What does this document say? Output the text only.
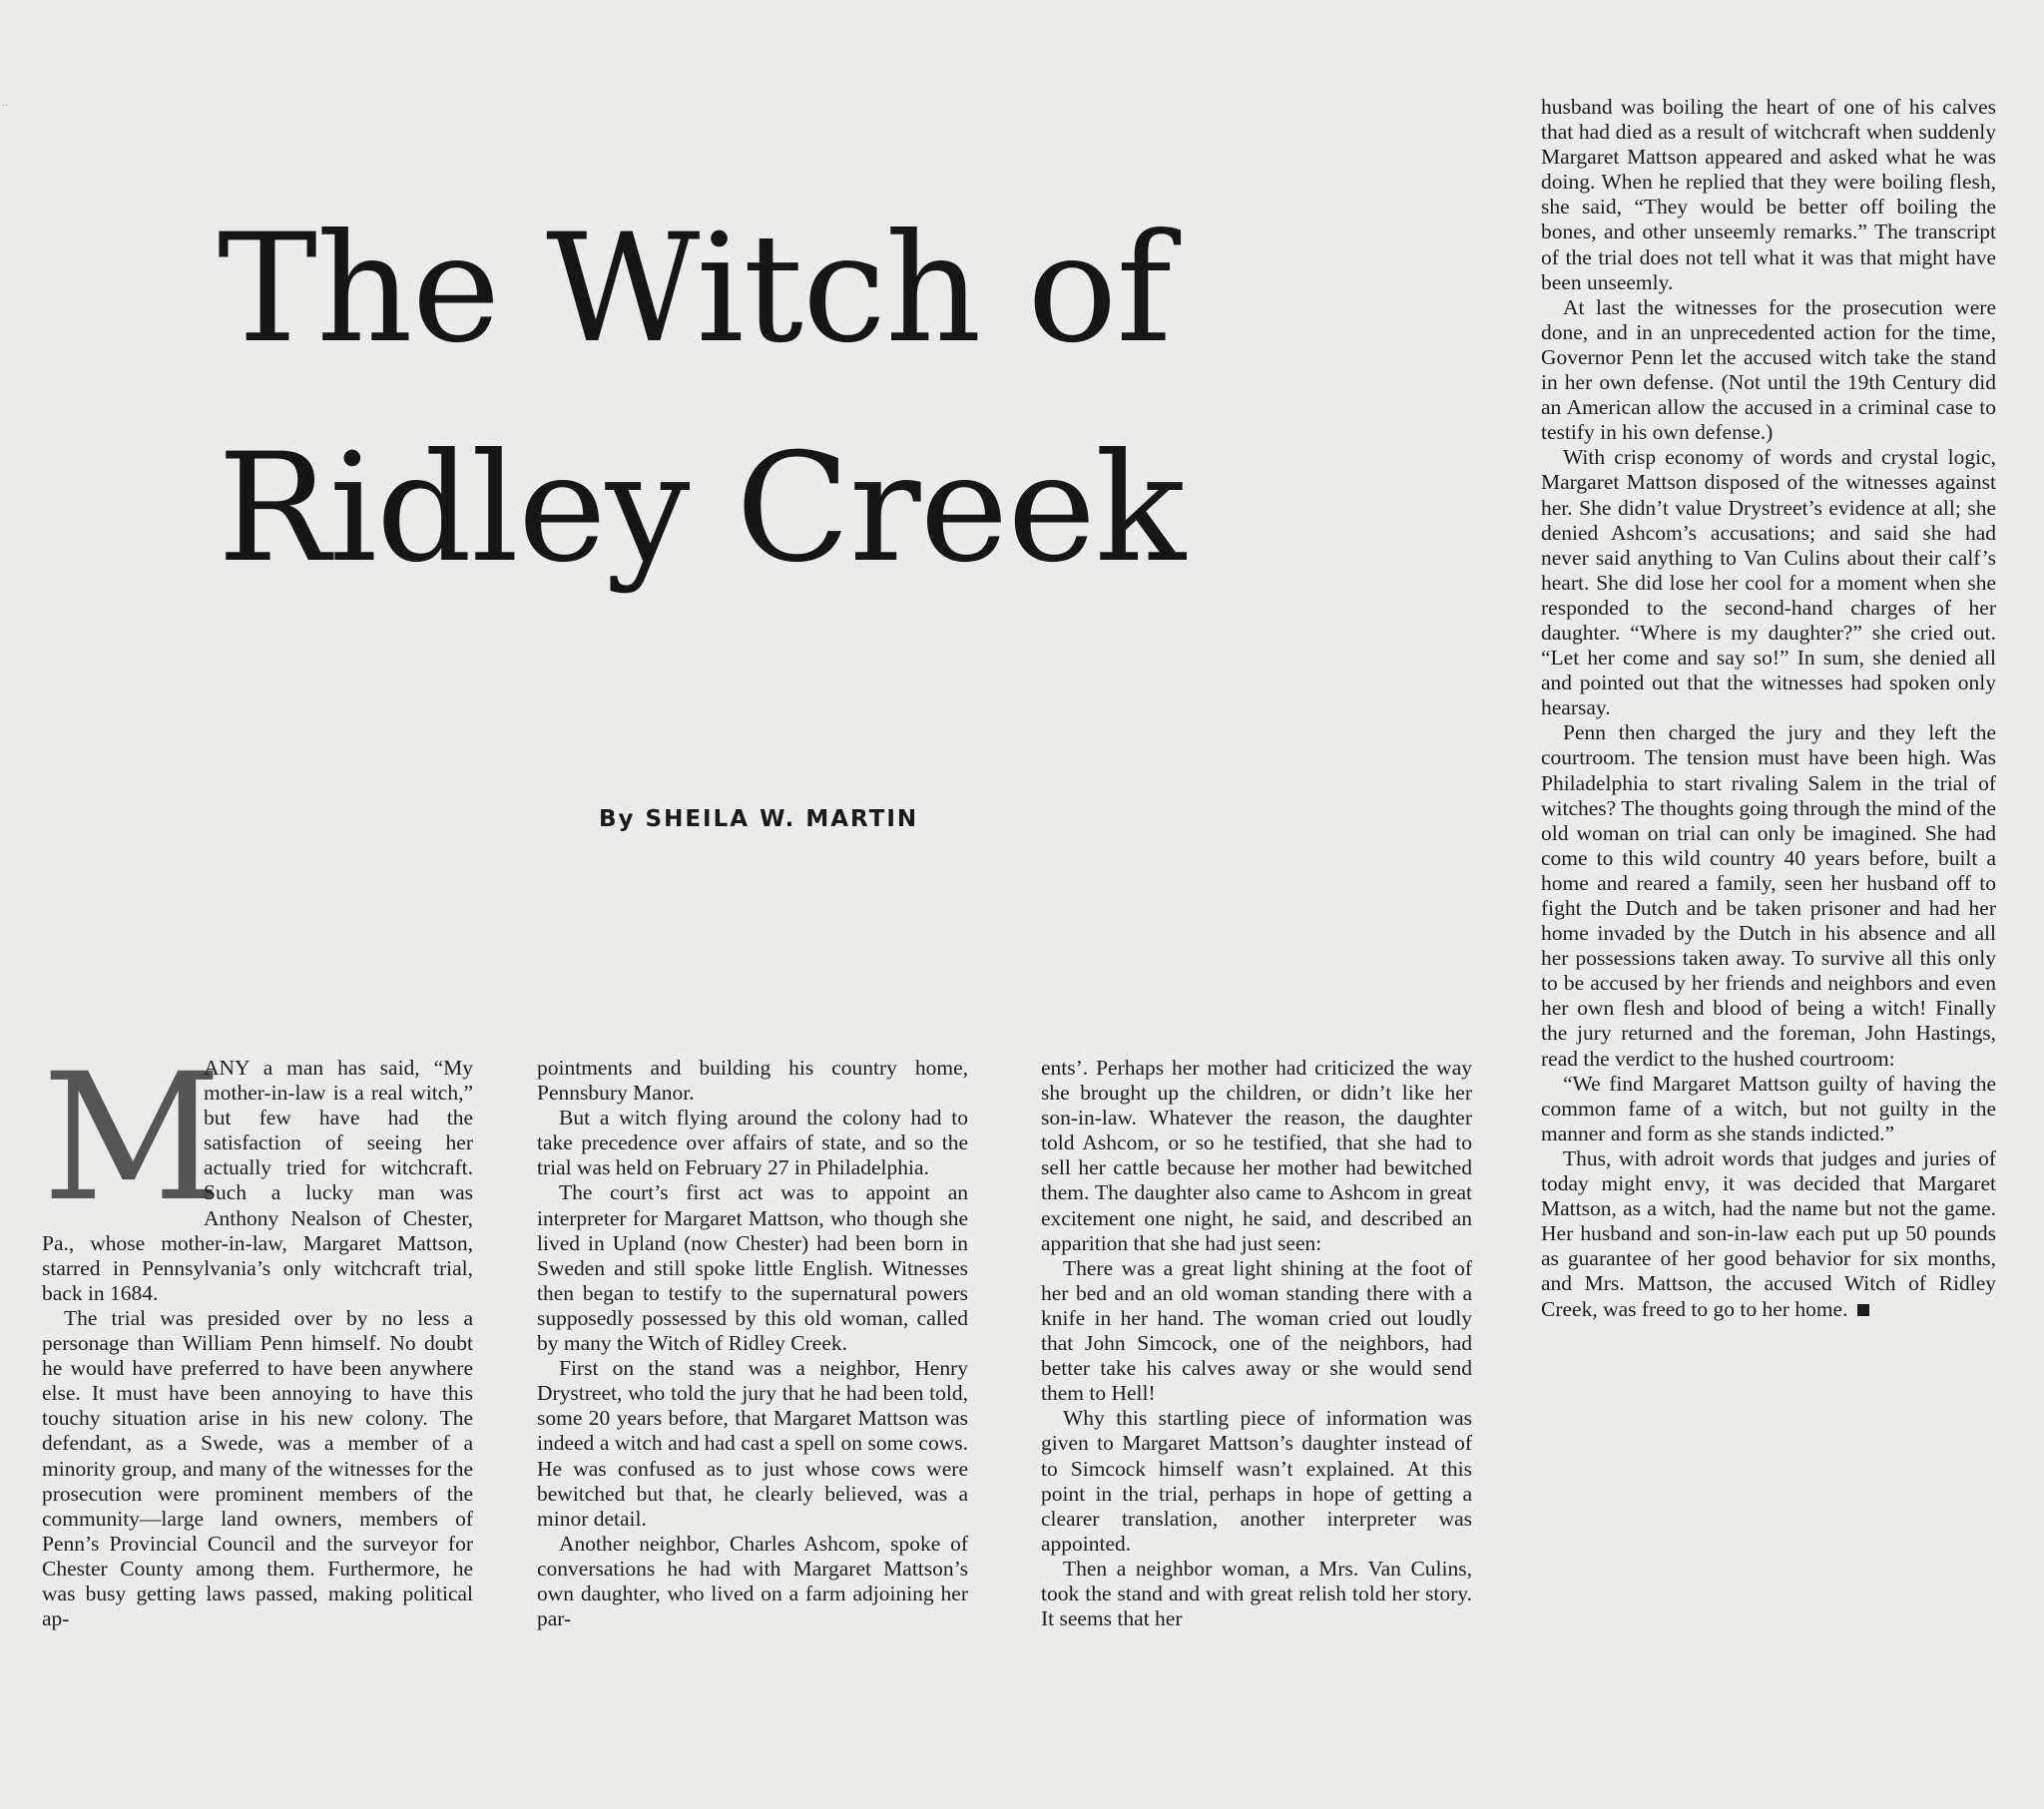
··
The Witch of
Ridley Creek
By SHEILA W. MARTIN
M

ANY a man has said, “My mother-in-law is a real witch,” but few have had the satisfaction of seeing her actually tried for witchcraft. Such a lucky man was Anthony Nealson of Chester, Pa., whose mother-in-law, Margaret Mattson, starred in Pennsylvania’s only witchcraft trial, back in 1684.

The trial was presided over by no less a personage than William Penn himself. No doubt he would have preferred to have been anywhere else. It must have been annoying to have this touchy situation arise in his new colony. The defendant, as a Swede, was a member of a minority group, and many of the witnesses for the prosecution were prominent members of the community—large land owners, members of Penn’s Provincial Council and the surveyor for Chester County among them. Furthermore, he was busy getting laws passed, making political ap-

pointments and building his country home, Pennsbury Manor.

But a witch flying around the colony had to take precedence over affairs of state, and so the trial was held on February 27 in Philadelphia.

The court’s first act was to appoint an interpreter for Margaret Mattson, who though she lived in Upland (now Chester) had been born in Sweden and still spoke little English. Witnesses then began to testify to the supernatural powers supposedly possessed by this old woman, called by many the Witch of Ridley Creek.

First on the stand was a neighbor, Henry Drystreet, who told the jury that he had been told, some 20 years before, that Margaret Mattson was indeed a witch and had cast a spell on some cows. He was confused as to just whose cows were bewitched but that, he clearly believed, was a minor detail.

Another neighbor, Charles Ashcom, spoke of conversations he had with Margaret Mattson’s own daughter, who lived on a farm adjoining her par-

ents’. Perhaps her mother had criticized the way she brought up the children, or didn’t like her son-in-law. Whatever the reason, the daughter told Ashcom, or so he testified, that she had to sell her cattle because her mother had bewitched them. The daughter also came to Ashcom in great excitement one night, he said, and described an apparition that she had just seen:

There was a great light shining at the foot of her bed and an old woman standing there with a knife in her hand. The woman cried out loudly that John Simcock, one of the neighbors, had better take his calves away or she would send them to Hell!

Why this startling piece of information was given to Margaret Mattson’s daughter instead of to Simcock himself wasn’t explained. At this point in the trial, perhaps in hope of getting a clearer translation, another interpreter was appointed.

Then a neighbor woman, a Mrs. Van Culins, took the stand and with great relish told her story. It seems that her

husband was boiling the heart of one of his calves that had died as a result of witchcraft when suddenly Margaret Mattson appeared and asked what he was doing. When he replied that they were boiling flesh, she said, “They would be better off boiling the bones, and other unseemly remarks.” The transcript of the trial does not tell what it was that might have been unseemly.

At last the witnesses for the prosecution were done, and in an unprecedented action for the time, Governor Penn let the accused witch take the stand in her own defense. (Not until the 19th Century did an American allow the accused in a criminal case to testify in his own defense.)

With crisp economy of words and crystal logic, Margaret Mattson disposed of the witnesses against her. She didn’t value Drystreet’s evidence at all; she denied Ashcom’s accusations; and said she had never said anything to Van Culins about their calf’s heart. She did lose her cool for a moment when she responded to the second-hand charges of her daughter. “Where is my daughter?” she cried out. “Let her come and say so!” In sum, she denied all and pointed out that the witnesses had spoken only hearsay.

Penn then charged the jury and they left the courtroom. The tension must have been high. Was Philadelphia to start rivaling Salem in the trial of witches? The thoughts going through the mind of the old woman on trial can only be imagined. She had come to this wild country 40 years before, built a home and reared a family, seen her husband off to fight the Dutch and be taken prisoner and had her home invaded by the Dutch in his absence and all her possessions taken away. To survive all this only to be accused by her friends and neighbors and even her own flesh and blood of being a witch! Finally the jury returned and the foreman, John Hastings, read the verdict to the hushed courtroom:

“We find Margaret Mattson guilty of having the common fame of a witch, but not guilty in the manner and form as she stands indicted.”

Thus, with adroit words that judges and juries of today might envy, it was decided that Margaret Mattson, as a witch, had the name but not the game. Her husband and son-in-law each put up 50 pounds as guarantee of her good behavior for six months, and Mrs. Mattson, the accused Witch of Ridley Creek, was freed to go to her home.
